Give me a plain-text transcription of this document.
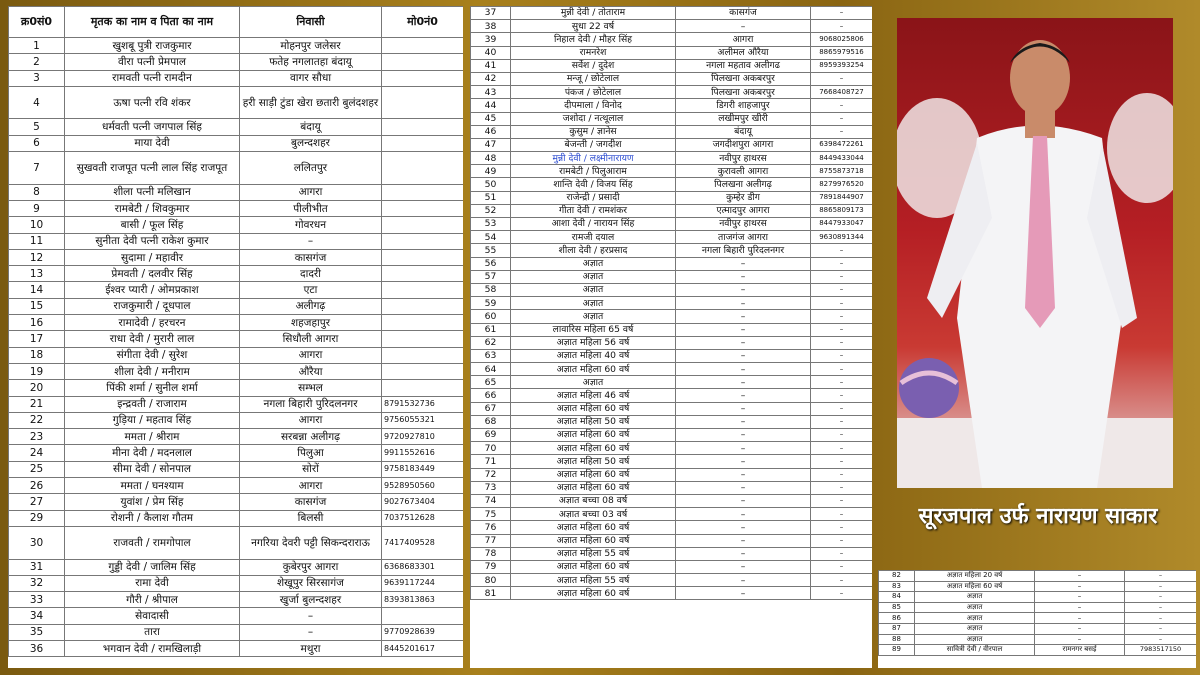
क्र0सं0	मृतक का नाम व पिता का नाम	निवासी	मो0नं0
1	खुशबू पुत्री राजकुमार	मोहनपुर जलेसर	
2	वीरा पत्नी प्रेमपाल	फतेह नगलातहा बंदायू	
3	रामवती पत्नी रामदीन	वागर सौधा	
4	ऊषा पत्नी रवि शंकर	हरी साड़ी टुंडा खेरा छतारी बुलंदशहर	
5	धर्मवती पत्नी जगपाल सिंह	बंदायू	
6	माया देवी	बुलन्दशहर	
7	सुखवती राजपूत पत्नी लाल सिंह राजपूत	ललितपुर	
8	शीला पत्नी मलिखान	आगरा	
9	रामबेटी / शिवकुमार	पीलीभीत	
10	बासी / फूल सिंह	गोवरधन	
11	सुनीता देवी पत्नी राकेश कुमार	–	
12	सुदामा / महावीर	कासगंज	
13	प्रेमवती / दलवीर सिंह	दादरी	
14	ईश्वर प्यारी / ओमप्रकाश	एटा	
15	राजकुमारी / दूधपाल	अलीगढ़	
16	रामादेवी / हरचरन	शहजहापुर	
17	राधा देवी / मुरारी लाल	सिधौली आगरा	
18	संगीता देवी / सुरेश	आगरा	
19	शीला देवी / मनीराम	औरैया	
20	पिंकी शर्मा / सुनील शर्मा	सम्भल	
21	इन्द्रवती / राजाराम	नगला बिहारी पुरिदलनगर	8791532736
22	गुड़िया / महताव सिंह	आगरा	9756055321
23	ममता / श्रीराम	सरबन्ना अलीगढ़	9720927810
24	मीना देवी / मदनलाल	पिलुआ	9911552616
25	सीमा देवी / सोनपाल	सोरों	9758183449
26	ममता / घनश्याम	आगरा	9528950560
27	युवांश / प्रेम सिंह	कासगंज	9027673404
29	रोशनी / कैलाश गौतम	बिलसी	7037512628
30	राजवती / रामगोपाल	नगरिया देवरी पट्टी सिकन्दराराऊ	7417409528
31	गुड्डी देवी / जालिम सिंह	कुबेरपुर आगरा	6368683301
32	रामा देवी	शेखूपुर सिरसागंज	9639117244
33	गौरी / श्रीपाल	खुर्जा बुलन्दशहर	8393813863
34	सेवादासी	–	
35	तारा	–	9770928639
36	भगवान देवी / रामखिलाड़ी	मथुरा	8445201617
37	मुन्नी देवी / तोताराम	कासगंज	–
38	सुधा 22 वर्ष	–	–
39	निहाल देवी / मौहर सिंह	आगरा	9068025806
40	रामनरेश	अलीमल औरैया	8865979516
41	सर्वेश / दुदेश	नगला महताव अलीगढ	8959393254
42	मन्जू / छोटेलाल	पिलखना अकबरपुर	–
43	पंकज / छोटेलाल	पिलखना अकबरपुर	7668408727
44	दीपमाला / विनोद	डिगरी शाहजापुर	–
45	जशोदा / नत्थूलाल	लखीमपुर खीरी	–
46	कुसुम / ज्ञानेस	बंदायू	–
47	बेजन्ती / जगदीश	जगदीशपुरा आगरा	6398472261
48	मुन्नी देवी / लक्ष्मीनारायण	नवीपुर हाथरस	8449433044
49	रामबेटी / पिलुआराम	कुरावली आगरा	8755873718
50	शान्ति देवी / विजय सिंह	पिलखना अलीगढ़	8279976520
51	राजेन्द्री / प्रसादी	कुम्हेर डीग	7891844907
52	गीता देवी / रामशंकर	एत्मादपुर आगरा	8865809173
53	आशा देवी / नारायन सिंह	नवीपुर हाथरस	8447933047
54	रामजी दयाल	ताजगंज आगरा	9630891344
55	शीला देवी / हरप्रसाद	नगला बिहारी पुरिदलनगर	–
56	अज्ञात	–	–
57	अज्ञात	–	–
58	अज्ञात	–	–
59	अज्ञात	–	–
60	अज्ञात	–	–
61	लावारिस महिला 65 वर्ष	–	–
62	अज्ञात महिला 56 वर्ष	–	–
63	अज्ञात महिला 40 वर्ष	–	–
64	अज्ञात महिला 60 वर्ष	–	–
65	अज्ञात	–	–
66	अज्ञात महिला 46 वर्ष	–	–
67	अज्ञात महिला 60 वर्ष	–	–
68	अज्ञात महिला 50 वर्ष	–	–
69	अज्ञात महिला 60 वर्ष	–	–
70	अज्ञात महिला 60 वर्ष	–	–
71	अज्ञात महिला 50 वर्ष	–	–
72	अज्ञात महिला 60 वर्ष	–	–
73	अज्ञात महिला 60 वर्ष	–	–
74	अज्ञात बच्चा 08 वर्ष	–	–
75	अज्ञात बच्चा 03 वर्ष	–	–
76	अज्ञात महिला 60 वर्ष	–	–
77	अज्ञात महिला 60 वर्ष	–	–
78	अज्ञात महिला 55 वर्ष	–	–
79	अज्ञात महिला 60 वर्ष	–	–
80	अज्ञात महिला 55 वर्ष	–	–
81	अज्ञात महिला 60 वर्ष	–	–
सूरजपाल उर्फ नारायण साकार
82	अज्ञात महिला 20 वर्ष	–	–
83	अज्ञात महिला 60 वर्ष	–	–
84	अज्ञात	–	–
85	अज्ञात	–	–
86	अज्ञात	–	–
87	अज्ञात	–	–
88	अज्ञात	–	–
89	सावित्री देवी / वीरपाल	रामनगर बसई	7983517150
